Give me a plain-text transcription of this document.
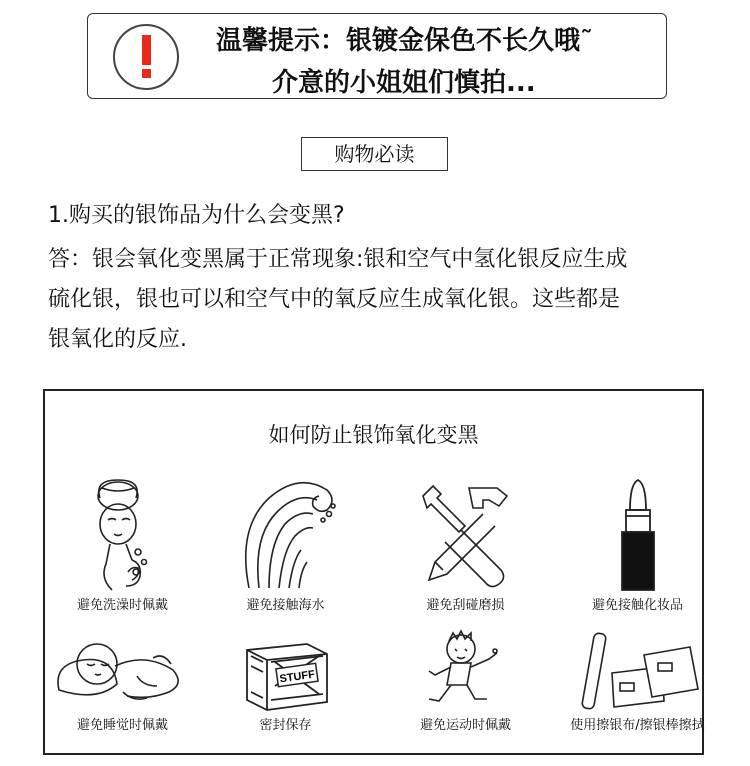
温馨提示：银镀金保色不长久哦˜
介意的小姐姐们慎拍...
购物必读
1.购买的银饰品为什么会变黑?
答：银会氧化变黑属于正常现象:银和空气中氢化银反应生成
硫化银，银也可以和空气中的氧反应生成氧化银。这些都是
银氧化的反应.
如何防止银饰氧化变黑
避免洗澡时佩戴	避免接触海水	避免刮碰磨损	避免接触化妆品
避免睡觉时佩戴
STUFF
密封保存	避免运动时佩戴	使用擦银布/擦银棒擦拭
